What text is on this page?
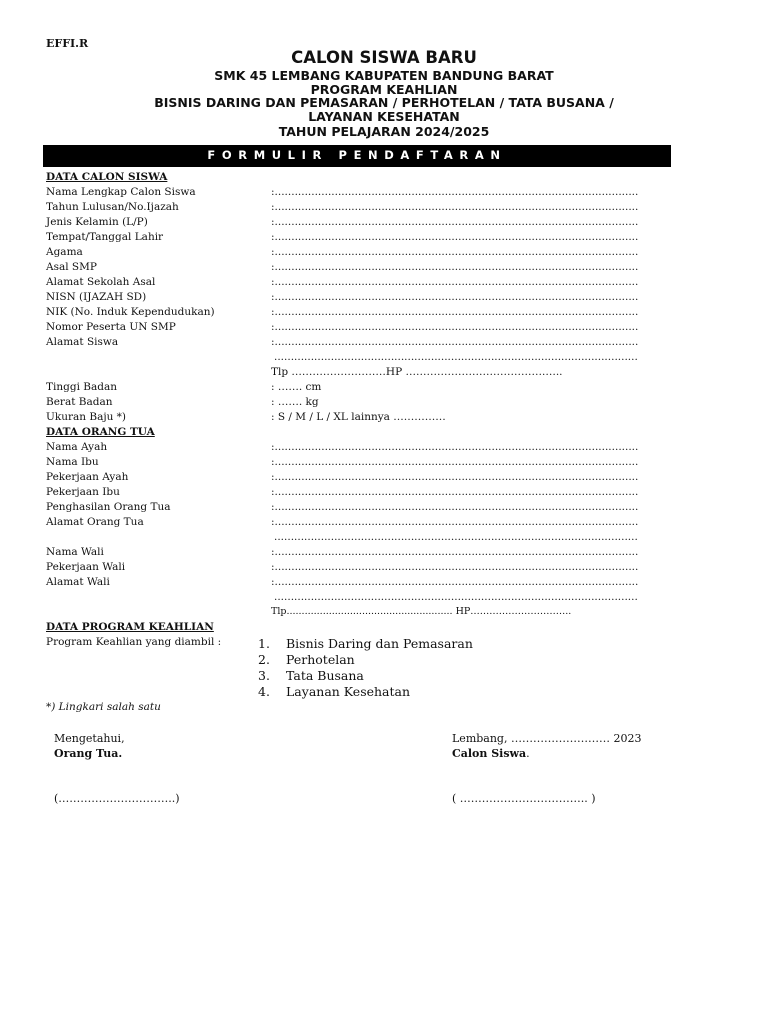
EFFI.R
CALON SISWA BARU
SMK 45 LEMBANG KABUPATEN BANDUNG BARAT
PROGRAM KEAHLIAN
BISNIS DARING DAN PEMASARAN / PERHOTELAN / TATA BUSANA / LAYANAN KESEHATAN
TAHUN PELAJARAN 2024/2025
FORMULIR PENDAFTARAN
DATA CALON SISWA
Nama Lengkap Calon Siswa	:.............................................................................................................
Tahun Lulusan/No.Ijazah	:.............................................................................................................
Jenis Kelamin (L/P)	:.............................................................................................................
Tempat/Tanggal Lahir	:.............................................................................................................
Agama	:.............................................................................................................
Asal SMP	:.............................................................................................................
Alamat Sekolah Asal	:.............................................................................................................
NISN (IJAZAH SD)	:.............................................................................................................
NIK (No. Induk Kependudukan)	:.............................................................................................................
Nomor Peserta UN SMP	:.............................................................................................................
Alamat Siswa	:.............................................................................................................
.............................................................................................................
Tlp ………………………HP ………………………………….…..
Tinggi Badan	: ……. cm
Berat Badan	: ……. kg
Ukuran Baju *)	: S / M / L / XL lainnya ……………
DATA ORANG TUA
Nama Ayah	:.............................................................................................................
Nama Ibu	:.............................................................................................................
Pekerjaan Ayah	:.............................................................................................................
Pekerjaan Ibu	:.............................................................................................................
Penghasilan Orang Tua	:.............................................................................................................
Alamat Orang Tua	:.............................................................................................................
.............................................................................................................
Nama Wali	:.............................................................................................................
Pekerjaan Wali	:.............................................................................................................
Alamat Wali	:.............................................................................................................
.............................................................................................................
Tlp....................................................... HP…………………………..
DATA PROGRAM KEAHLIAN
Program Keahlian yang diambil :	1. Bisnis Daring dan Pemasaran
2. Perhotelan
3. Tata Busana
4. Layanan Kesehatan
*) Lingkari salah satu
Mengetahui,
Orang Tua.
(…………………………..)
Lembang, ……………………… 2023
Calon Siswa.
( …………………………….. )
